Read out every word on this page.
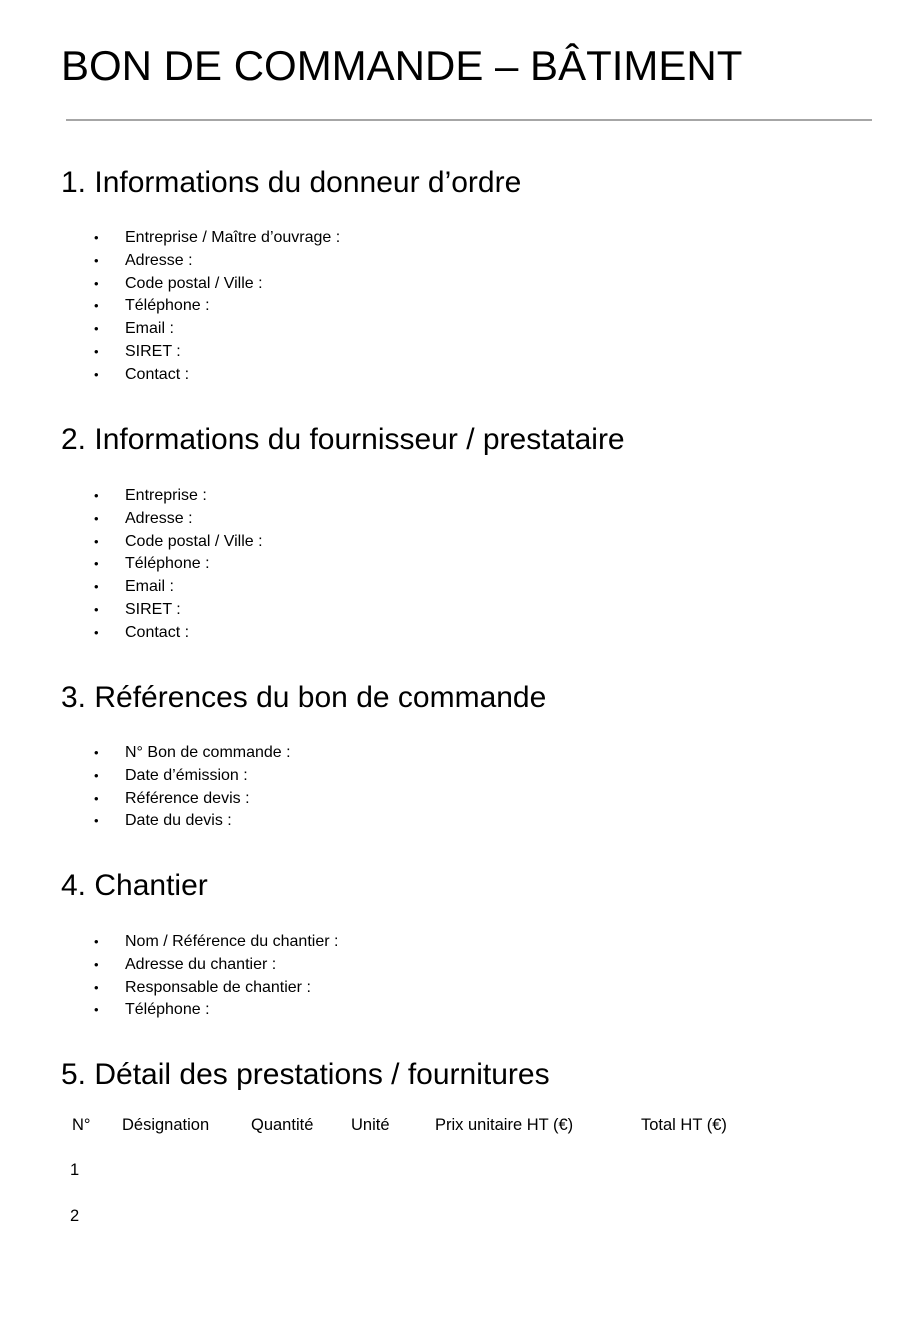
BON DE COMMANDE – BÂTIMENT
1. Informations du donneur d’ordre
• Entreprise / Maître d’ouvrage :
• Adresse :
• Code postal / Ville :
• Téléphone :
• Email :
• SIRET :
• Contact :
2. Informations du fournisseur / prestataire
• Entreprise :
• Adresse :
• Code postal / Ville :
• Téléphone :
• Email :
• SIRET :
• Contact :
3. Références du bon de commande
• N° Bon de commande :
• Date d’émission :
• Référence devis :
• Date du devis :
4. Chantier
• Nom / Référence du chantier :
• Adresse du chantier :
• Responsable de chantier :
• Téléphone :
5. Détail des prestations / fournitures
N° Désignation	Quantité Unité	Prix unitaire HT (€)	Total HT (€)
1
2
